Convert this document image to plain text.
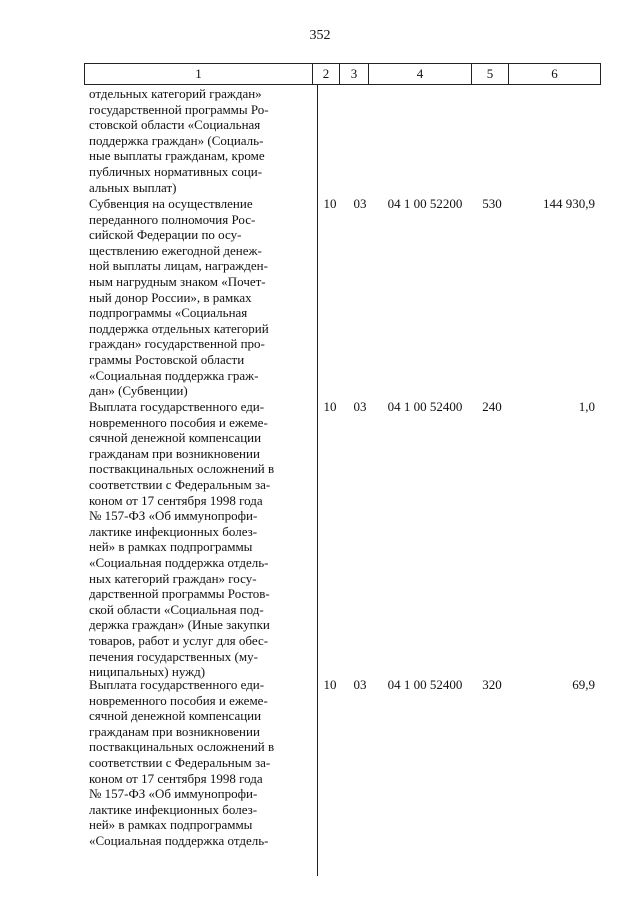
352
1	2	3	4	5	6
отдельных категорий граждан»
государственной программы Ро-
стовской области «Социальная
поддержка граждан» (Социаль-
ные выплаты гражданам, кроме
публичных нормативных соци-
альных выплат)
Субвенция на осуществление
переданного полномочия Рос-
сийской Федерации по осу-
ществлению ежегодной денеж-
ной выплаты лицам, награжден-
ным нагрудным знаком «Почет-
ный донор России», в рамках
подпрограммы «Социальная
поддержка отдельных категорий
граждан» государственной про-
граммы Ростовской области
«Социальная поддержка граж-
дан» (Субвенции)
10	03	04 1 00 52200	530	144 930,9
Выплата государственного еди-
новременного пособия и ежеме-
сячной денежной компенсации
гражданам при возникновении
поствакцинальных осложнений в
соответствии с Федеральным за-
коном от 17 сентября 1998 года
№ 157-ФЗ «Об иммунопрофи-
лактике инфекционных болез-
ней» в рамках подпрограммы
«Социальная поддержка отдель-
ных категорий граждан» госу-
дарственной программы Ростов-
ской области «Социальная под-
держка граждан» (Иные закупки
товаров, работ и услуг для обес-
печения государственных (му-
ниципальных) нужд)
10	03	04 1 00 52400	240	1,0
Выплата государственного еди-
новременного пособия и ежеме-
сячной денежной компенсации
гражданам при возникновении
поствакцинальных осложнений в
соответствии с Федеральным за-
коном от 17 сентября 1998 года
№ 157-ФЗ «Об иммунопрофи-
лактике инфекционных болез-
ней» в рамках подпрограммы
«Социальная поддержка отдель-
10	03	04 1 00 52400	320	69,9
